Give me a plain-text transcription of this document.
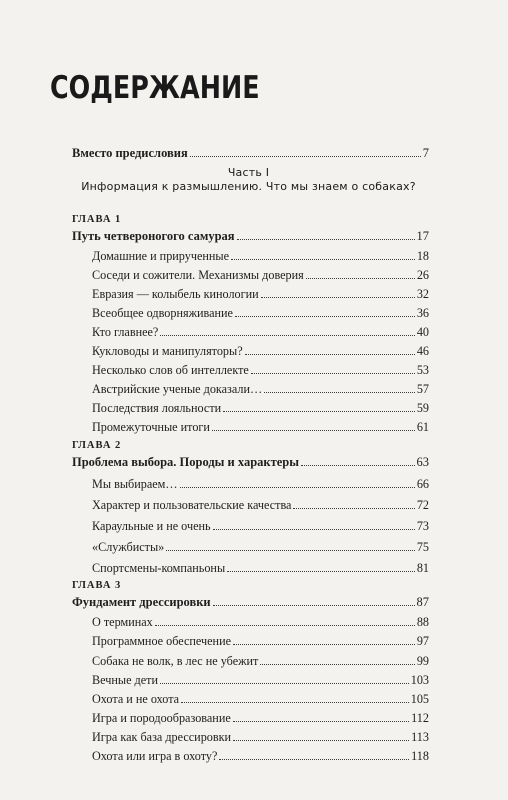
СОДЕРЖАНИЕ
Вместо предисловия	7
Часть I
Информация к размышлению. Что мы знаем о собаках?
ГЛАВА 1
Путь четвероногого самурая	17
Домашние и прирученные	18
Соседи и сожители. Механизмы доверия	26
Евразия — колыбель кинологии	32
Всеобщее одворняживание	36
Кто главнее?	40
Кукловоды и манипуляторы?	46
Несколько слов об интеллекте	53
Австрийские ученые доказали…	57
Последствия лояльности	59
Промежуточные итоги	61
ГЛАВА 2
Проблема выбора. Породы и характеры	63
Мы выбираем…	66
Характер и пользовательские качества	72
Караульные и не очень	73
«Службисты»	75
Спортсмены-компаньоны	81
ГЛАВА 3
Фундамент дрессировки	87
О терминах	88
Программное обеспечение	97
Собака не волк, в лес не убежит	99
Вечные дети	103
Охота и не охота	105
Игра и породообразование	112
Игра как база дрессировки	113
Охота или игра в охоту?	118
